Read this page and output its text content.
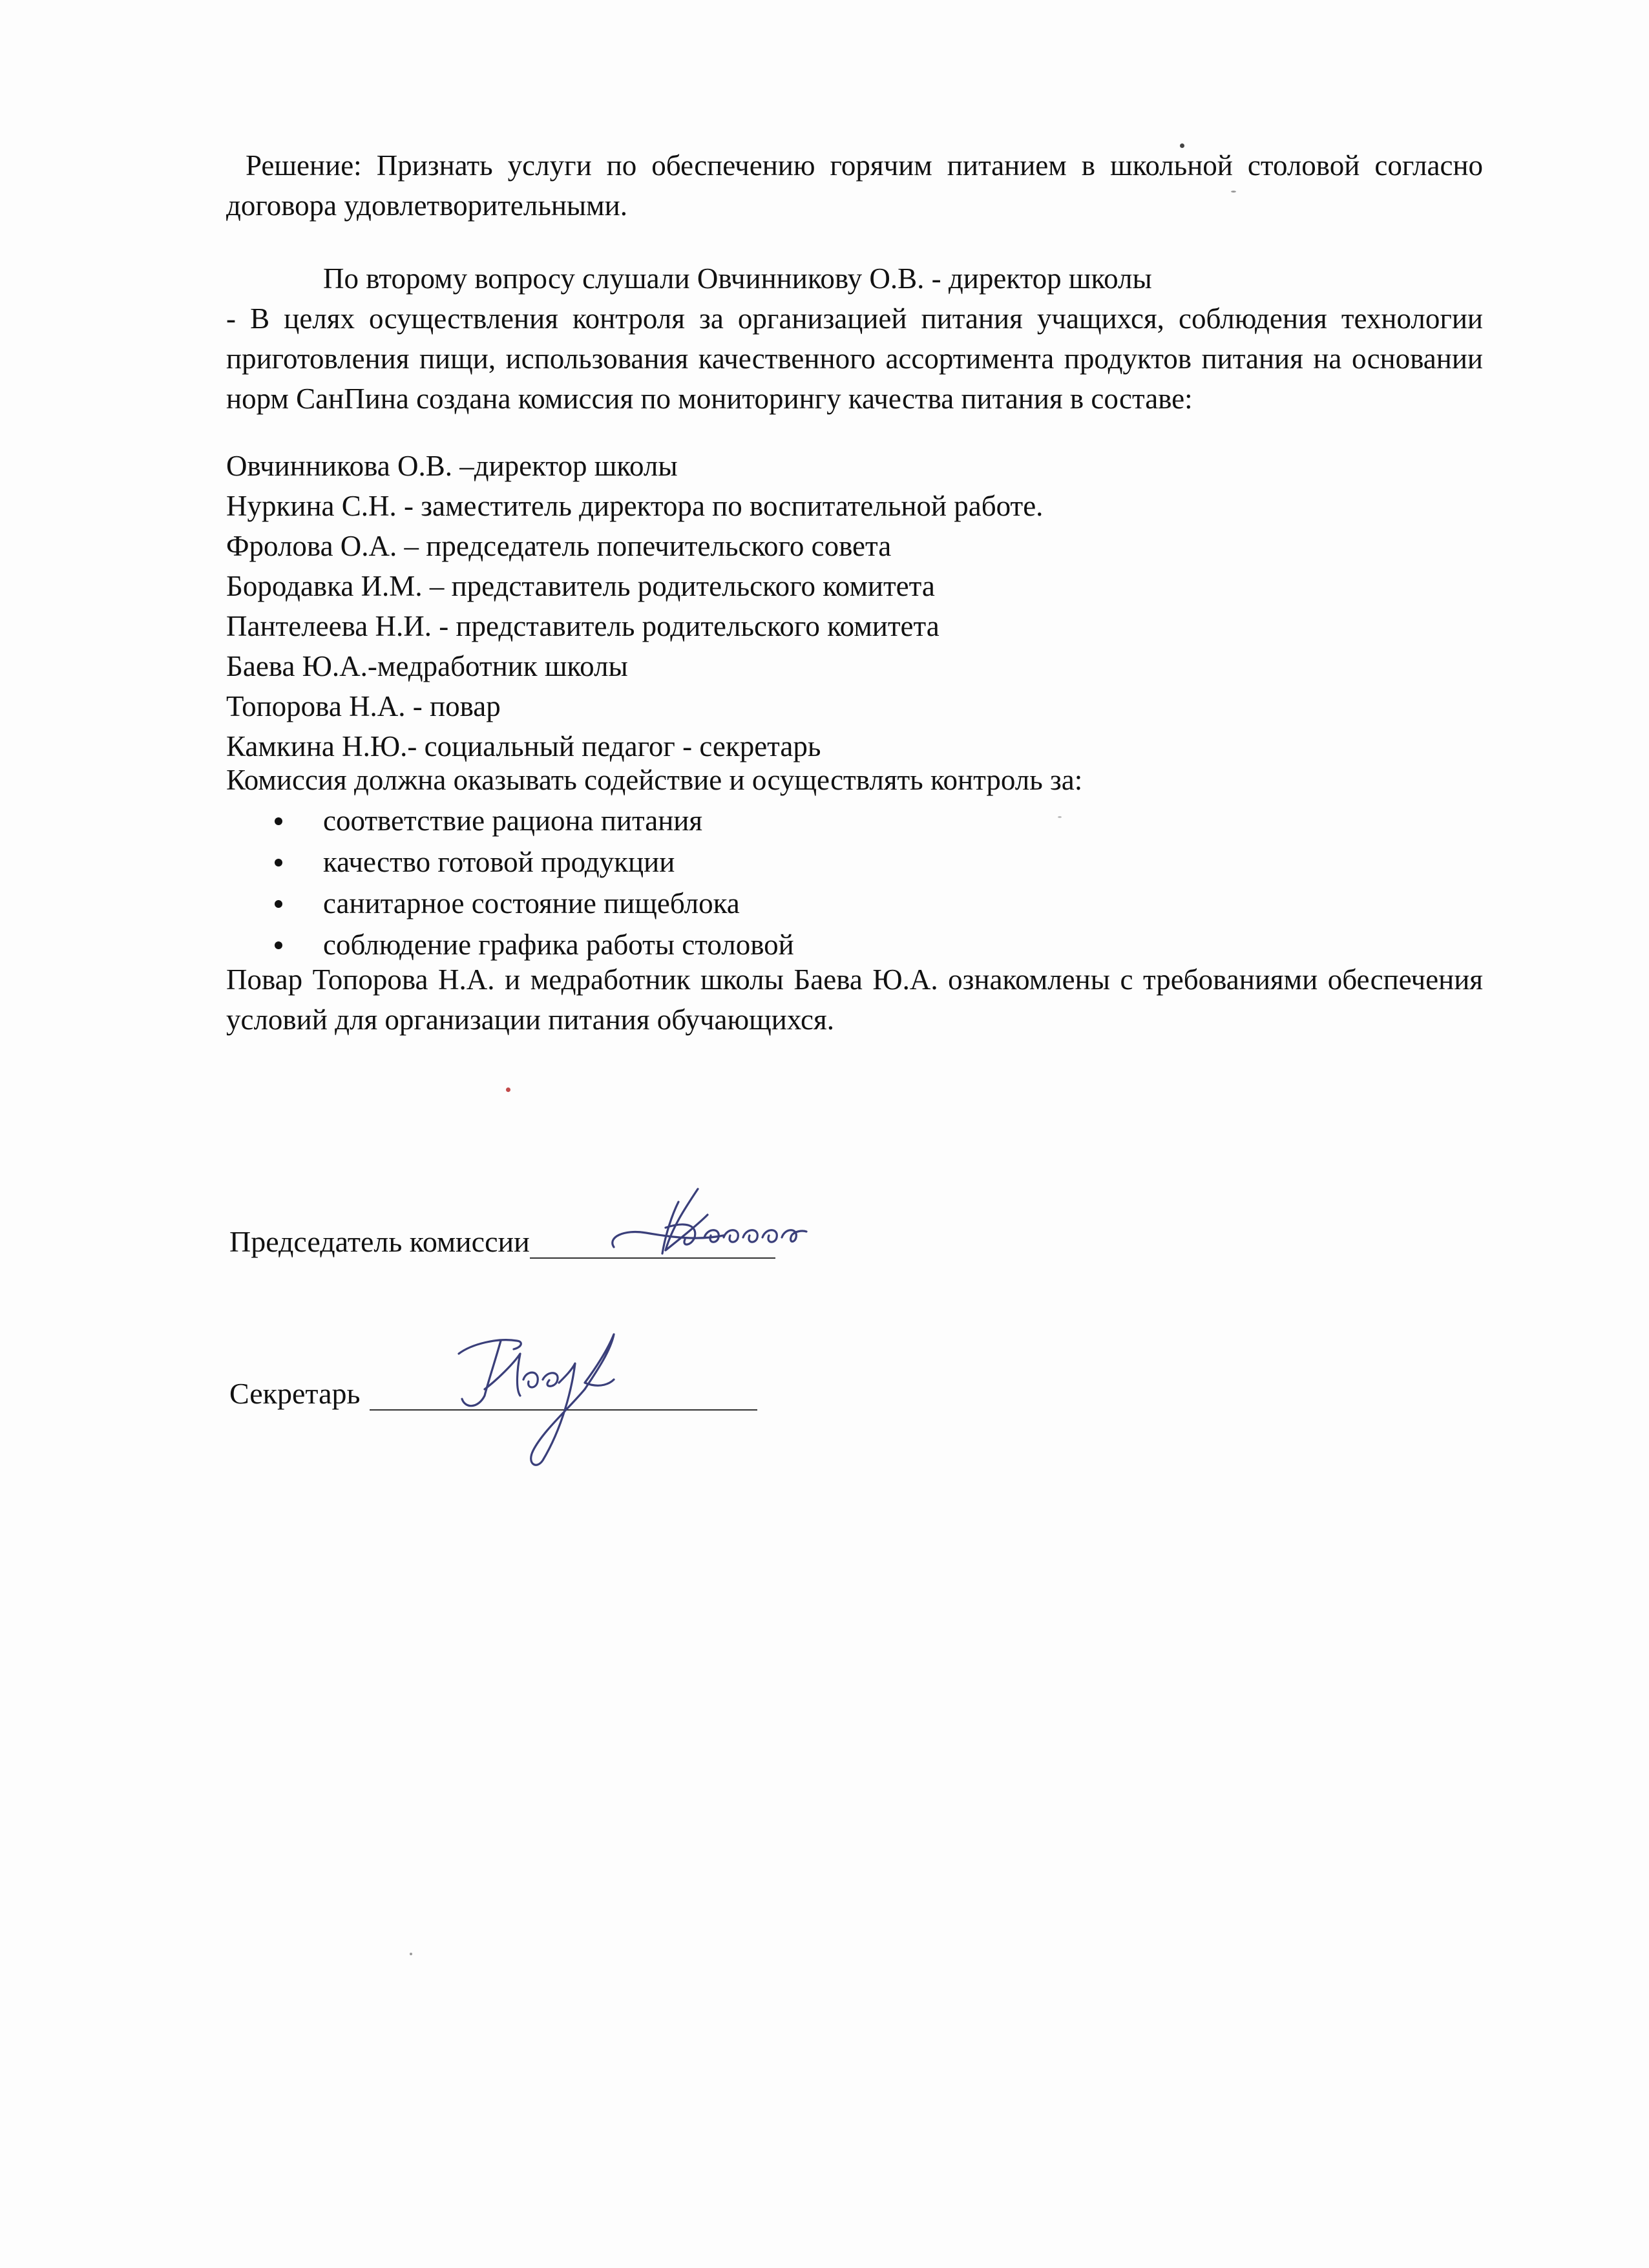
Решение: Признать услуги по обеспечению горячим питанием в школьной столовой согласно договора удовлетворительными.
По второму вопросу слушали Овчинникову О.В. - директор школы
- В целях осуществления контроля за организацией питания учащихся, соблюдения технологии приготовления пищи, использования качественного ассортимента продуктов питания на основании норм СанПина создана комиссия по мониторингу качества питания в составе:
Овчинникова О.В. –директор школы
Нуркина С.Н. - заместитель директора по воспитательной работе.
Фролова О.А. – председатель попечительского совета
Бородавка И.М. – представитель родительского комитета
Пантелеева Н.И. - представитель родительского комитета
Баева Ю.А.-медработник школы
Топорова Н.А. - повар
Камкина Н.Ю.- социальный педагог - секретарь
Комиссия должна оказывать содействие и осуществлять контроль за:
соответствие рациона питания
качество готовой продукции
санитарное состояние пищеблока
соблюдение графика работы столовой
Повар Топорова Н.А. и медработник школы Баева Ю.А. ознакомлены с требованиями обеспечения условий для организации питания обучающихся.
Председатель комиссии
Секретарь
